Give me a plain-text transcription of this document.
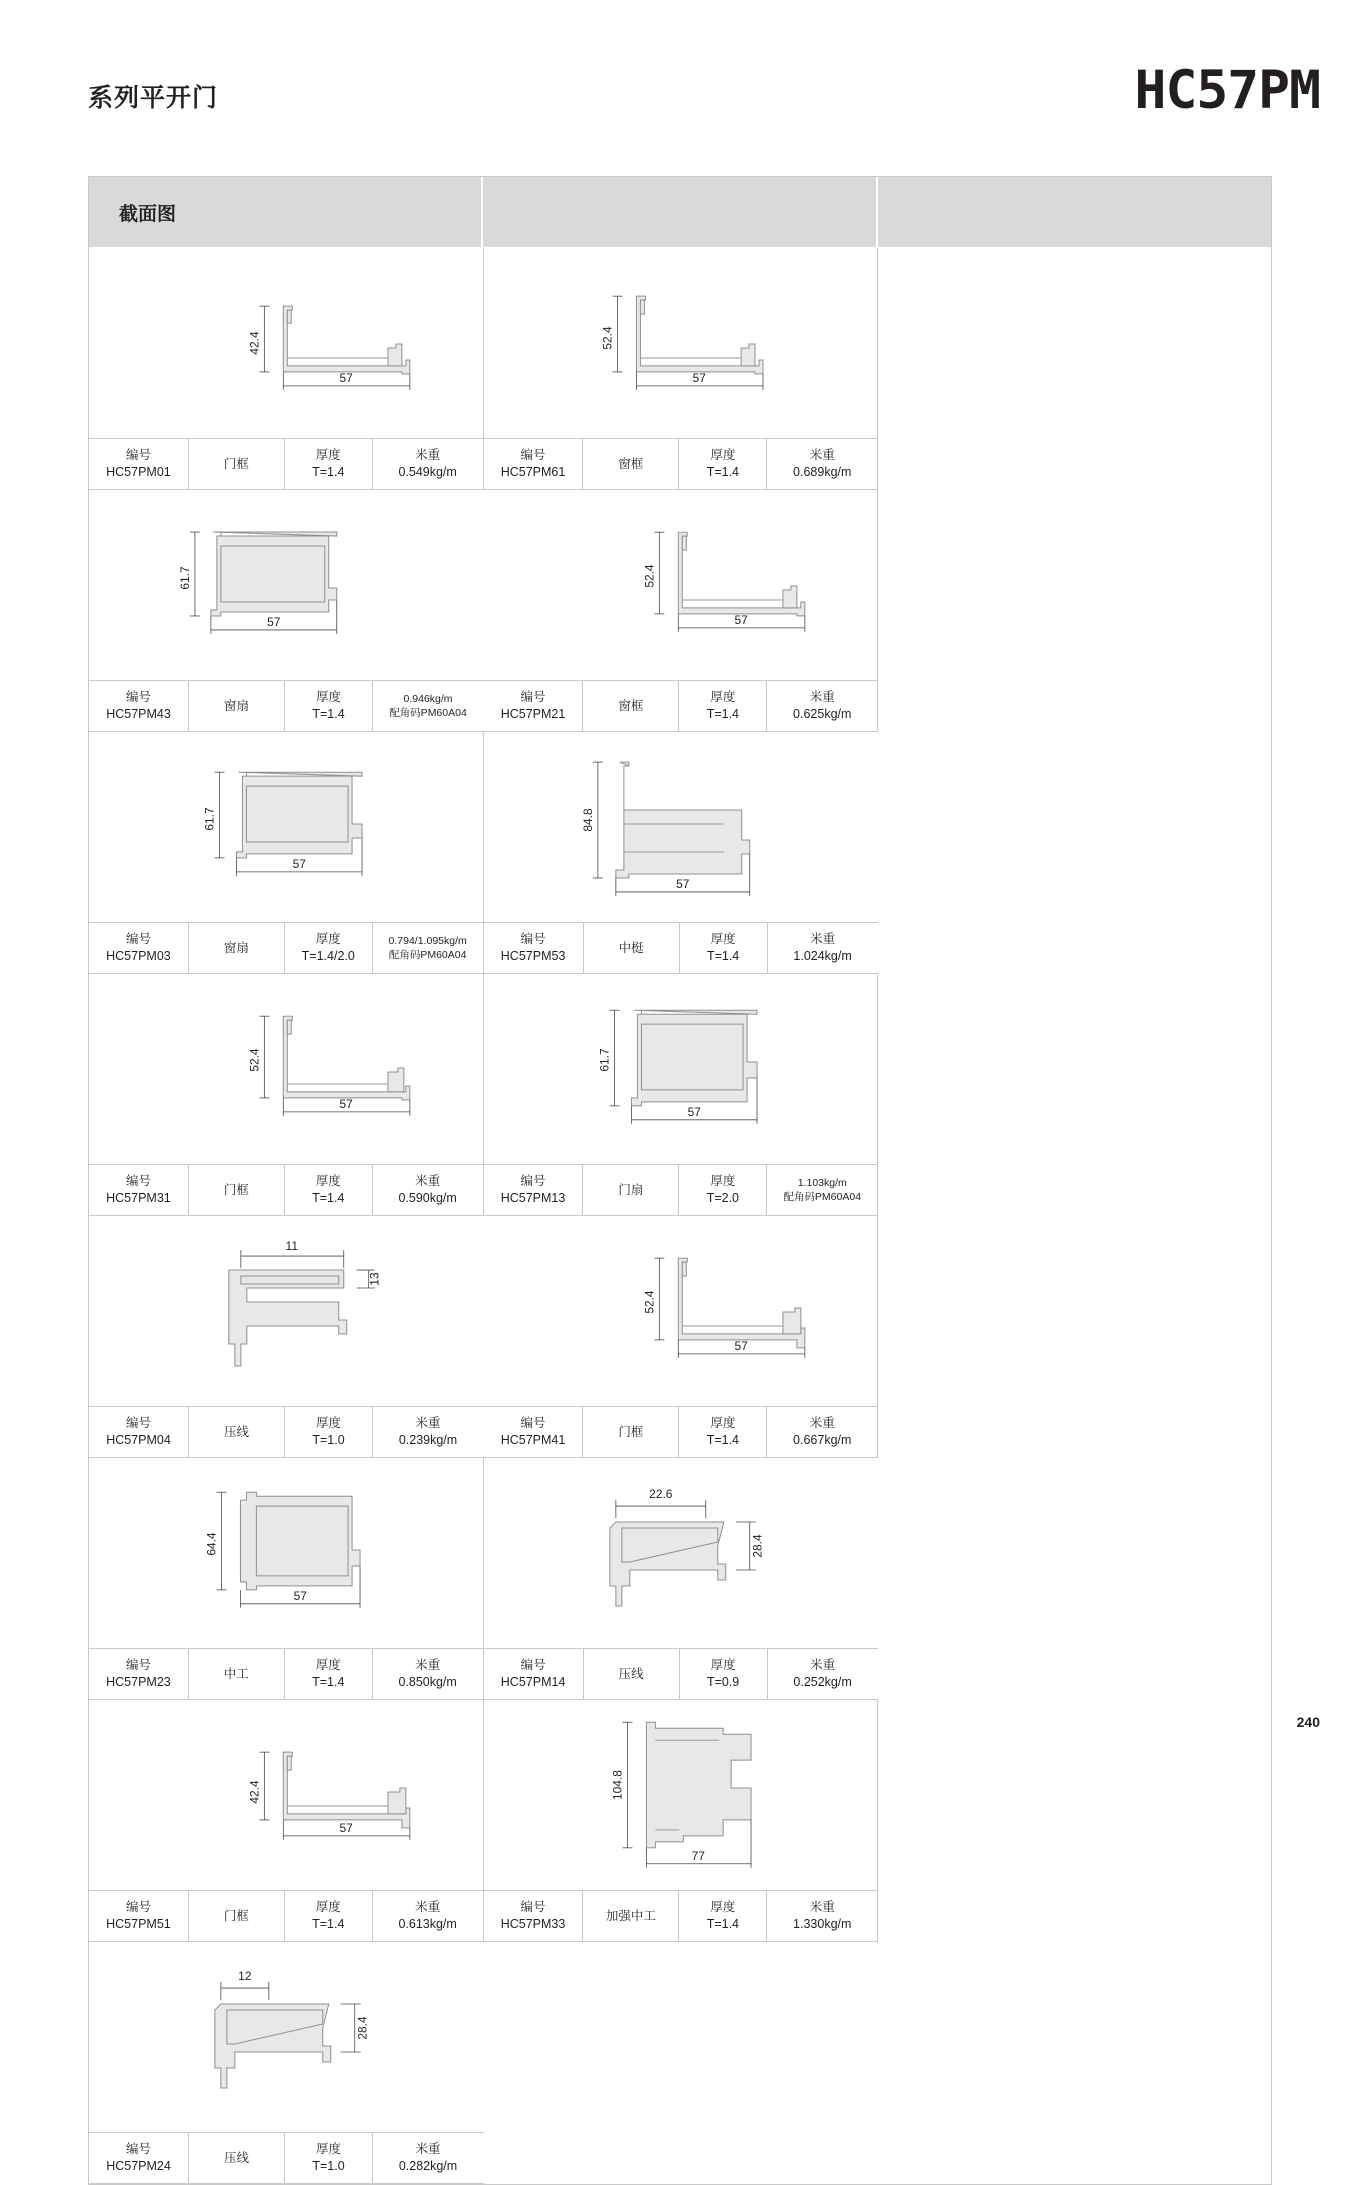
系列平开门	HC57PM
截面图
42.4
57
编号
HC57PM01
门框
厚度
T=1.4
米重
0.549kg/m
52.4
57
编号
HC57PM61
窗框
厚度
T=1.4
米重
0.689kg/m
61.7
57
编号
HC57PM43
窗扇
厚度
T=1.4
0.946kg/m
配角码PM60A04
52.4
57
编号
HC57PM21
窗框
厚度
T=1.4
米重
0.625kg/m
61.7
57
编号
HC57PM03
窗扇
厚度
T=1.4/2.0
0.794/1.095kg/m
配角码PM60A04
84.8
57
编号
HC57PM53
中梃
厚度
T=1.4
米重
1.024kg/m
52.4
57
编号
HC57PM31
门框
厚度
T=1.4
米重
0.590kg/m
61.7
57
编号
HC57PM13
门扇
厚度
T=2.0
1.103kg/m
配角码PM60A04
11
13
编号
HC57PM04
压线
厚度
T=1.0
米重
0.239kg/m
52.4
57
编号
HC57PM41
门框
厚度
T=1.4
米重
0.667kg/m
64.4
57
编号
HC57PM23
中工
厚度
T=1.4
米重
0.850kg/m
22.6
28.4
编号
HC57PM14
压线
厚度
T=0.9
米重
0.252kg/m
42.4
57
编号
HC57PM51
门框
厚度
T=1.4
米重
0.613kg/m
104.8
77
编号
HC57PM33
加强中工
厚度
T=1.4
米重
1.330kg/m
12
28.4
编号
HC57PM24
压线
厚度
T=1.0
米重
0.282kg/m
240
